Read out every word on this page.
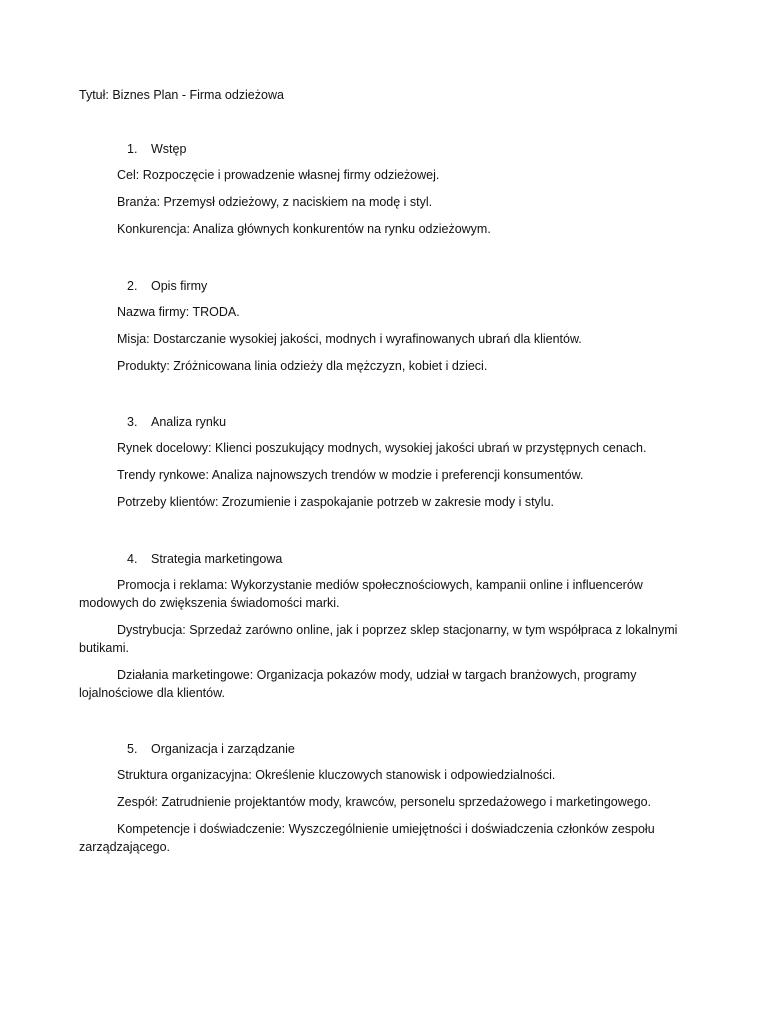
Tytuł: Biznes Plan - Firma odzieżowa
1. Wstęp

Cel: Rozpoczęcie i prowadzenie własnej firmy odzieżowej.

Branża: Przemysł odzieżowy, z naciskiem na modę i styl.

Konkurencja: Analiza głównych konkurentów na rynku odzieżowym.

2. Opis firmy

Nazwa firmy: TRODA.

Misja: Dostarczanie wysokiej jakości, modnych i wyrafinowanych ubrań dla klientów.

Produkty: Zróżnicowana linia odzieży dla mężczyzn, kobiet i dzieci.

3. Analiza rynku

Rynek docelowy: Klienci poszukujący modnych, wysokiej jakości ubrań w przystępnych cenach.

Trendy rynkowe: Analiza najnowszych trendów w modzie i preferencji konsumentów.

Potrzeby klientów: Zrozumienie i zaspokajanie potrzeb w zakresie mody i stylu.

4. Strategia marketingowa

Promocja i reklama: Wykorzystanie mediów społecznościowych, kampanii online i influencerów modowych do zwiększenia świadomości marki.

Dystrybucja: Sprzedaż zarówno online, jak i poprzez sklep stacjonarny, w tym współpraca z lokalnymi butikami.

Działania marketingowe: Organizacja pokazów mody, udział w targach branżowych, programy lojalnościowe dla klientów.

5. Organizacja i zarządzanie

Struktura organizacyjna: Określenie kluczowych stanowisk i odpowiedzialności.

Zespół: Zatrudnienie projektantów mody, krawców, personelu sprzedażowego i marketingowego.

Kompetencje i doświadczenie: Wyszczególnienie umiejętności i doświadczenia członków zespołu zarządzającego.
